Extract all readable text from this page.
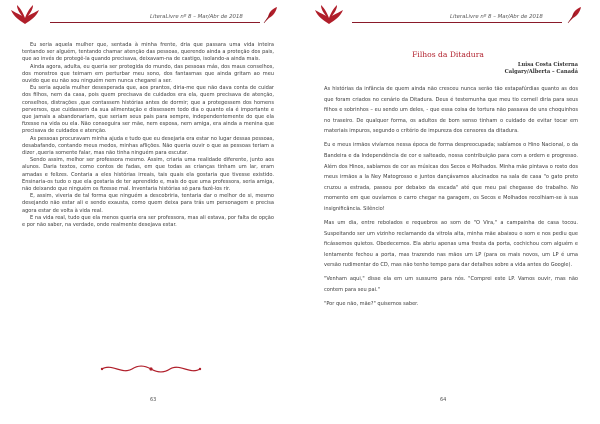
LiteraLivre nº 8 – Mar/Abr de 2018

Eu seria aquela mulher que, sentada à minha frente, dria que passara uma vida inteira tentando ser alguém, tentando chamar atenção das pessoas, querendo ainda a proteção dos pais, que ao invés de protegê-la quando precisava, deixavam-na de castigo, isolando-a ainda mais.

Ainda agora, adulta, eu queria ser protegida do mundo, das pessoas más, dos maus conselhos, dos monstros que teimam em perturbar meu sono, dos fantasmas que ainda gritam ao meu ouvido que eu não sou ninguém nem nunca chegarei a ser.

Eu seria aquela mulher desesperada que, aos prantos, diria-me que não dava conta de cuidar dos filhos, nem da casa, pois quem precisava de cuidados era ela, quem precisava de atenção, conselhos, distrações ,que contassem histórias antes de dormir; que a protegessem dos homens perversos, que cuidassem da sua alimentação e dissessem todo dia o quanto ela é importante e que jamais a abandonariam, que seriam seus pais para sempre, independentemente do que ela fizesse na vida ou ela. Não conseguira ser mãe, nem esposa, nem amiga, era ainda a menina que precisava de cuidados e atenção.

As pessoas procuravam minha ajuda e tudo que eu desejaria era estar no lugar dessas pessoas, desabafando, contando meus medos, minhas aflições. Não queria ouvir o que as pessoas teriam a dizer ,queria somente falar, mas não tinha ninguém para escutar.

Sendo assim, melhor ser professora mesmo. Assim, criaria uma realidade diferente, junto aos alunos. Daria textos, como contos de fadas, em que todas as crianças tinham um lar, eram amadas e felizes. Contaria a eles histórias irreais, tais quais ela gostaria que tivesse existido. Ensinaria-os tudo o que ela gostaria de ter aprendido e, mais do que uma professora, seria amiga, não deixando que ninguém os fizesse mal. Inventaria histórias só para fazê-los rir.

E, assim, viveria de tal forma que ninguém a descobriria, tentaria dar o melhor de si, mesmo desejando não estar ali e sendo exausta, como quem deixa para trás um personagem e precisa agora estar de volta à vida real.

E na vida real, tudo que ela menos queria era ser professora, mas ali estava, por falta de opção e por não saber, na verdade, onde realmente desejava estar.

63
LiteraLivre nº 8 – Mar/Abr de 2018
Filhos da Ditadura
Luisa Costa Cisterna
Calgary/Alberta – Canadá

As histórias da infância de quem ainda não cresceu nunca serão tão estapafúrdias quanto as dos que foram criados no cenário da Ditadura. Deus é testemunha que meu tio corneil diria para seus filhos e sobrinhos – eu sendo um deles, - que essa coisa de tortura não passava de uns choquinhos no traseiro. De qualquer forma, os adultos de bom senso tinham o cuidado de evitar tocar em materiais impuros, segundo o critério de impureza dos censores da ditadura.

Eu e meus irmãos vivíamos nessa época de forma despreocupada; sabíamos o Hino Nacional, o da Bandeira e da Independência de cor e salteado, nossa contribuição para com a ordem e progresso. Além dos Hinos, sabíamos de cor as músicas dos Secos e Molhados. Minha mãe pintava o rosto dos meus irmãos a la Ney Matogrosso e juntos dançávamos alucinados na sala de casa "o gato preto cruzou a estrada, passou por debaixo da escada" até que meu pai chegasse do trabalho. No momento em que ouvíamos o carro chegar na garagem, os Secos e Molhados recolhiam-se à sua insignificância. Silêncio!

Mas um dia, entre rebolados e requebros ao som de "O Vira," a campainha de casa tocou. Suspeitando ser um vizinho reclamando da vitrola alta, minha mãe abaixou o som e nos pediu que ficássemos quietos. Obedecemos. Ela abriu apenas uma fresta da porta, cochichou com alguém e lentamente fechou a porta, mas trazendo nas mãos um LP (para os mais novos, um LP é uma versão rudimentar do CD, mas não tenho tempo para dar detalhes sobre a vida antes do Google).

"Venham aqui," disse ela em um sussurro para nós. "Comprei este LP. Vamos ouvir, mas não contem para seu pai."

"Por que não, mãe?" quisemos saber.

64
